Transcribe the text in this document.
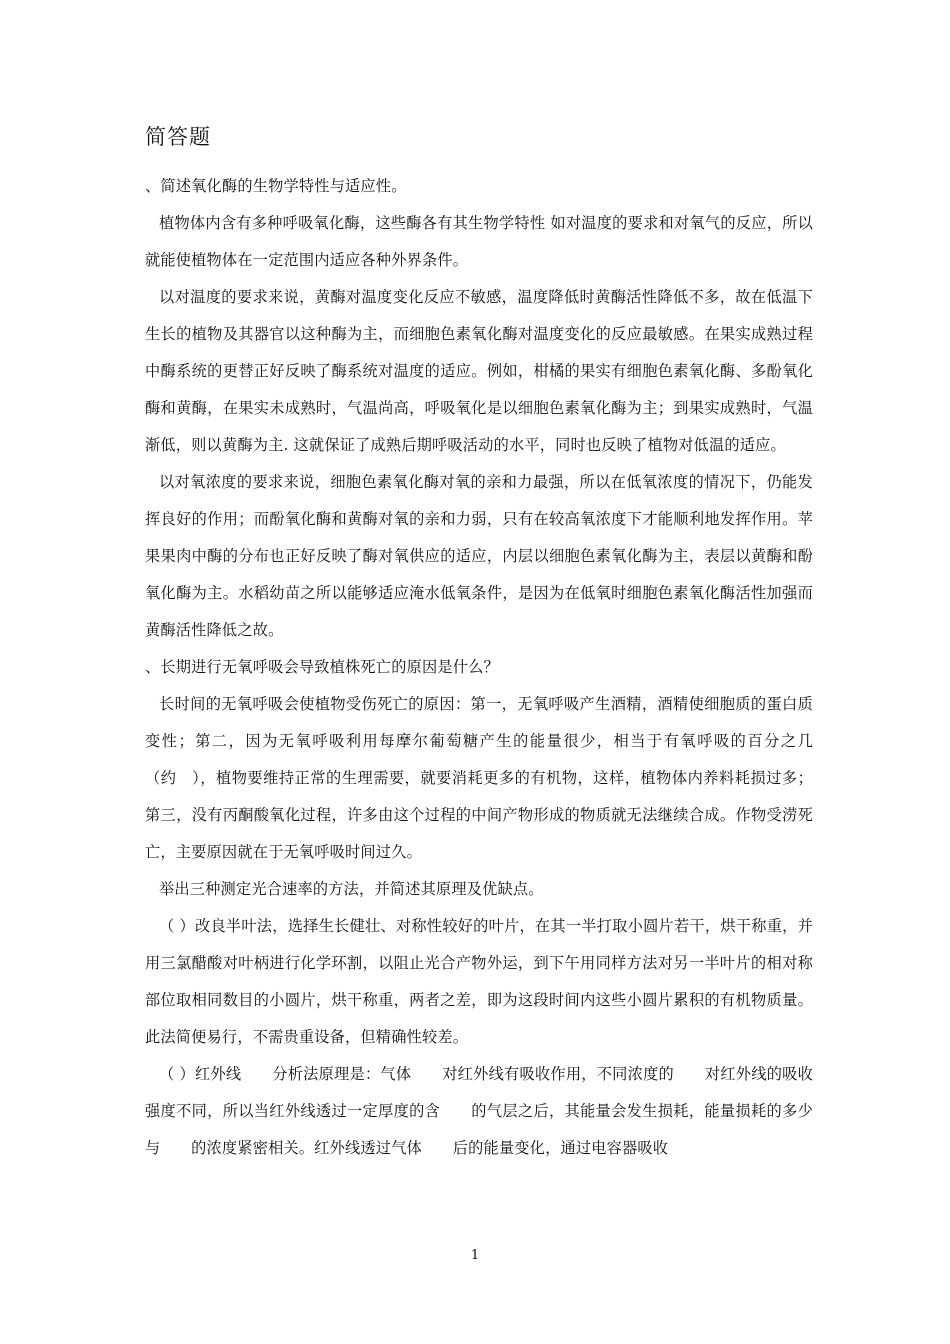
简答题

、简述氧化酶的生物学特性与适应性。

植物体内含有多种呼吸氧化酶，这些酶各有其生物学特性 如对温度的要求和对氧气的反应，所以就能使植物体在一定范围内适应各种外界条件。

以对温度的要求来说，黄酶对温度变化反应不敏感，温度降低时黄酶活性降低不多，故在低温下生长的植物及其器官以这种酶为主，而细胞色素氧化酶对温度变化的反应最敏感。在果实成熟过程中酶系统的更替正好反映了酶系统对温度的适应。例如，柑橘的果实有细胞色素氧化酶、多酚氧化酶和黄酶，在果实未成熟时，气温尚高，呼吸氧化是以细胞色素氧化酶为主；到果实成熟时，气温渐低，则以黄酶为主. 这就保证了成熟后期呼吸活动的水平，同时也反映了植物对低温的适应。

以对氧浓度的要求来说，细胞色素氧化酶对氧的亲和力最强，所以在低氧浓度的情况下，仍能发挥良好的作用；而酚氧化酶和黄酶对氧的亲和力弱，只有在较高氧浓度下才能顺利地发挥作用。苹果果肉中酶的分布也正好反映了酶对氧供应的适应，内层以细胞色素氧化酶为主，表层以黄酶和酚氧化酶为主。水稻幼苗之所以能够适应淹水低氧条件，是因为在低氧时细胞色素氧化酶活性加强而黄酶活性降低之故。

、长期进行无氧呼吸会导致植株死亡的原因是什么？

长时间的无氧呼吸会使植物受伤死亡的原因：第一，无氧呼吸产生酒精，酒精使细胞质的蛋白质变性；第二，因为无氧呼吸利用每摩尔葡萄糖产生的能量很少，相当于有氧呼吸的百分之几（约　），植物要维持正常的生理需要，就要消耗更多的有机物，这样，植物体内养料耗损过多；第三，没有丙酮酸氧化过程，许多由这个过程的中间产物形成的物质就无法继续合成。作物受涝死亡，主要原因就在于无氧呼吸时间过久。

举出三种测定光合速率的方法，并简述其原理及优缺点。

（ ）改良半叶法，选择生长健壮、对称性较好的叶片，在其一半打取小圆片若干，烘干称重，并用三氯醋酸对叶柄进行化学环割，以阻止光合产物外运，到下午用同样方法对另一半叶片的相对称部位取相同数目的小圆片，烘干称重，两者之差，即为这段时间内这些小圆片累积的有机物质量。此法简便易行，不需贵重设备，但精确性较差。

（ ）红外线　　分析法原理是：气体　　对红外线有吸收作用，不同浓度的　　对红外线的吸收强度不同，所以当红外线透过一定厚度的含　　的气层之后，其能量会发生损耗，能量损耗的多少与　　的浓度紧密相关。红外线透过气体　　后的能量变化，通过电容器吸收

1
